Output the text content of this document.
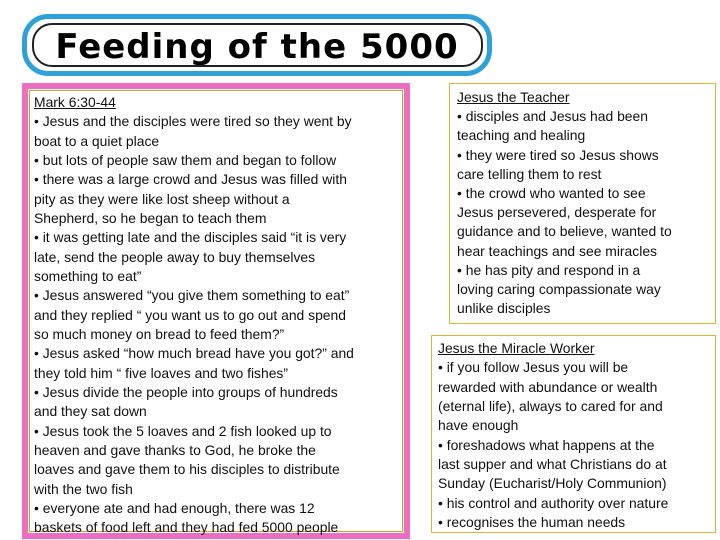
Feeding of the 5000
Mark 6:30-44
• Jesus and the disciples were tired so they went by
boat to a quiet place
• but lots of people saw them and began to follow
• there was a large crowd and Jesus was filled with
pity as they were like lost sheep without a
Shepherd, so he began to teach them
• it was getting late and the disciples said “it is very
late, send the people away to buy themselves
something to eat”
• Jesus answered “you give them something to eat”
and they replied “ you want us to go out and spend
so much money on bread to feed them?”
• Jesus asked “how much bread have you got?” and
they told him “ five loaves and two fishes”
• Jesus divide the people into groups of hundreds
and they sat down
• Jesus took the 5 loaves and 2 fish looked up to
heaven and gave thanks to God, he broke the
loaves and gave them to his disciples to distribute
with the two fish
• everyone ate and had enough, there was 12
baskets of food left and they had fed 5000 people
Jesus the Teacher
• disciples and Jesus had been
teaching and healing
• they were tired so Jesus shows
care telling them to rest
• the crowd who wanted to see
Jesus persevered, desperate for
guidance and to believe, wanted to
hear teachings and see miracles
• he has pity and respond in a
loving caring compassionate way
unlike disciples
Jesus the Miracle Worker
• if you follow Jesus you will be
rewarded with abundance or wealth
(eternal life), always to cared for and
have enough
• foreshadows what happens at the
last supper and what Christians do at
Sunday (Eucharist/Holy Communion)
• his control and authority over nature
• recognises the human needs
